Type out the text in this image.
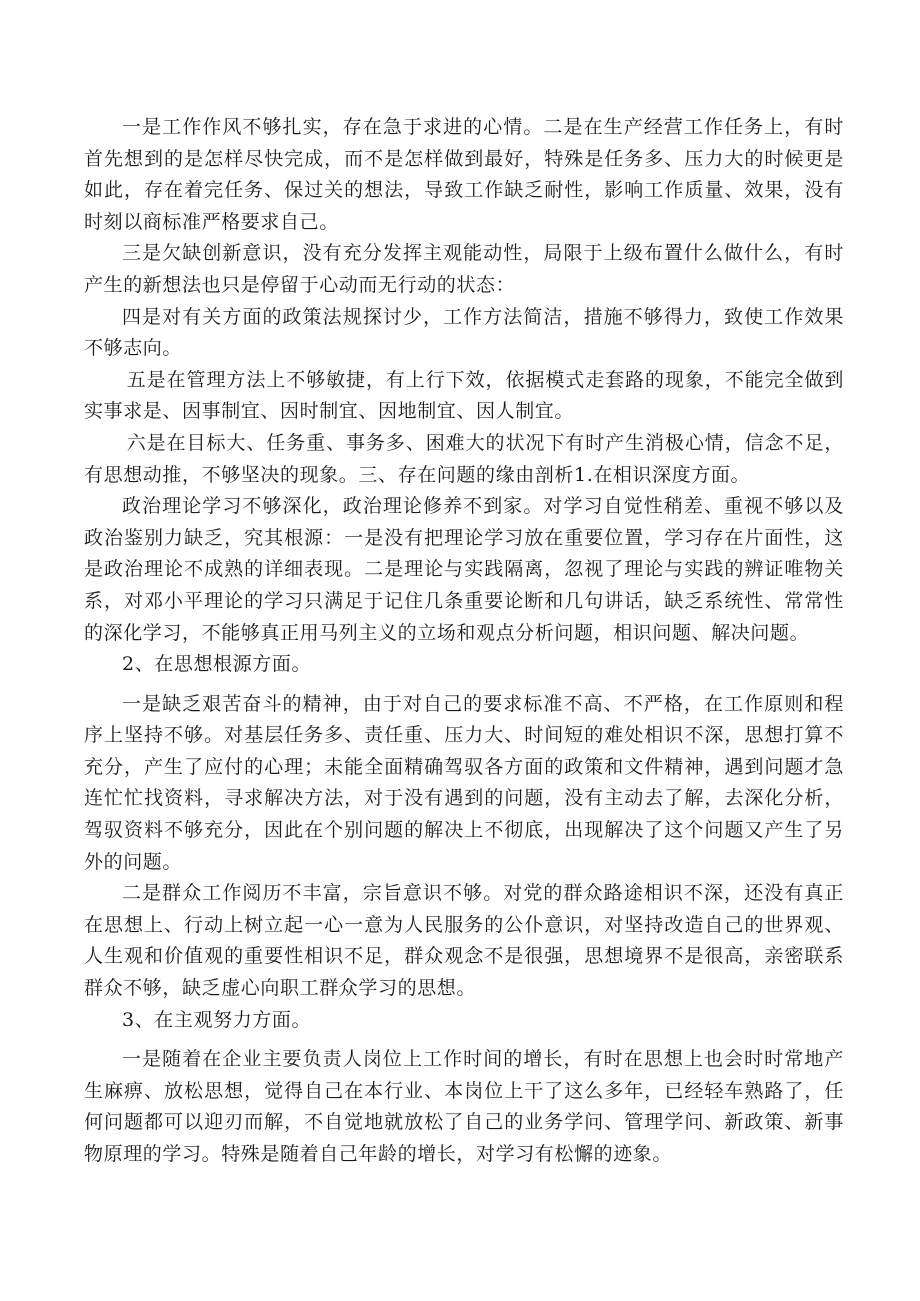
一是工作作风不够扎实，存在急于求进的心情。二是在生产经营工作任务上，有时首先想到的是怎样尽快完成，而不是怎样做到最好，特殊是任务多、压力大的时候更是如此，存在着完任务、保过关的想法，导致工作缺乏耐性，影响工作质量、效果，没有时刻以商标准严格要求自己。

三是欠缺创新意识，没有充分发挥主观能动性，局限于上级布置什么做什么，有时产生的新想法也只是停留于心动而无行动的状态：

四是对有关方面的政策法规探讨少，工作方法简洁，措施不够得力，致使工作效果不够志向。

五是在管理方法上不够敏捷，有上行下效，依据模式走套路的现象，不能完全做到实事求是、因事制宜、因时制宜、因地制宜、因人制宜。

六是在目标大、任务重、事务多、困难大的状况下有时产生消极心情，信念不足，有思想动推，不够坚决的现象。三、存在问题的缘由剖析1.在相识深度方面。

政治理论学习不够深化，政治理论修养不到家。对学习自觉性稍差、重视不够以及政治鉴别力缺乏，究其根源：一是没有把理论学习放在重要位置，学习存在片面性，这是政治理论不成熟的详细表现。二是理论与实践隔离，忽视了理论与实践的辨证唯物关系，对邓小平理论的学习只满足于记住几条重要论断和几句讲话，缺乏系统性、常常性的深化学习，不能够真正用马列主义的立场和观点分析问题，相识问题、解决问题。

2、在思想根源方面。

一是缺乏艰苦奋斗的精神，由于对自己的要求标准不高、不严格，在工作原则和程序上坚持不够。对基层任务多、责任重、压力大、时间短的难处相识不深，思想打算不充分，产生了应付的心理；未能全面精确驾驭各方面的政策和文件精神，遇到问题才急连忙忙找资料，寻求解决方法，对于没有遇到的问题，没有主动去了解，去深化分析，驾驭资料不够充分，因此在个别问题的解决上不彻底，出现解决了这个问题又产生了另外的问题。

二是群众工作阅历不丰富，宗旨意识不够。对党的群众路途相识不深，还没有真正在思想上、行动上树立起一心一意为人民服务的公仆意识，对坚持改造自己的世界观、人生观和价值观的重要性相识不足，群众观念不是很强，思想境界不是很高，亲密联系群众不够，缺乏虚心向职工群众学习的思想。

3、在主观努力方面。

一是随着在企业主要负责人岗位上工作时间的增长，有时在思想上也会时时常地产生麻痹、放松思想，觉得自己在本行业、本岗位上干了这么多年，已经轻车熟路了，任何问题都可以迎刃而解，不自觉地就放松了自己的业务学问、管理学问、新政策、新事物原理的学习。特殊是随着自己年龄的增长，对学习有松懈的迹象。
